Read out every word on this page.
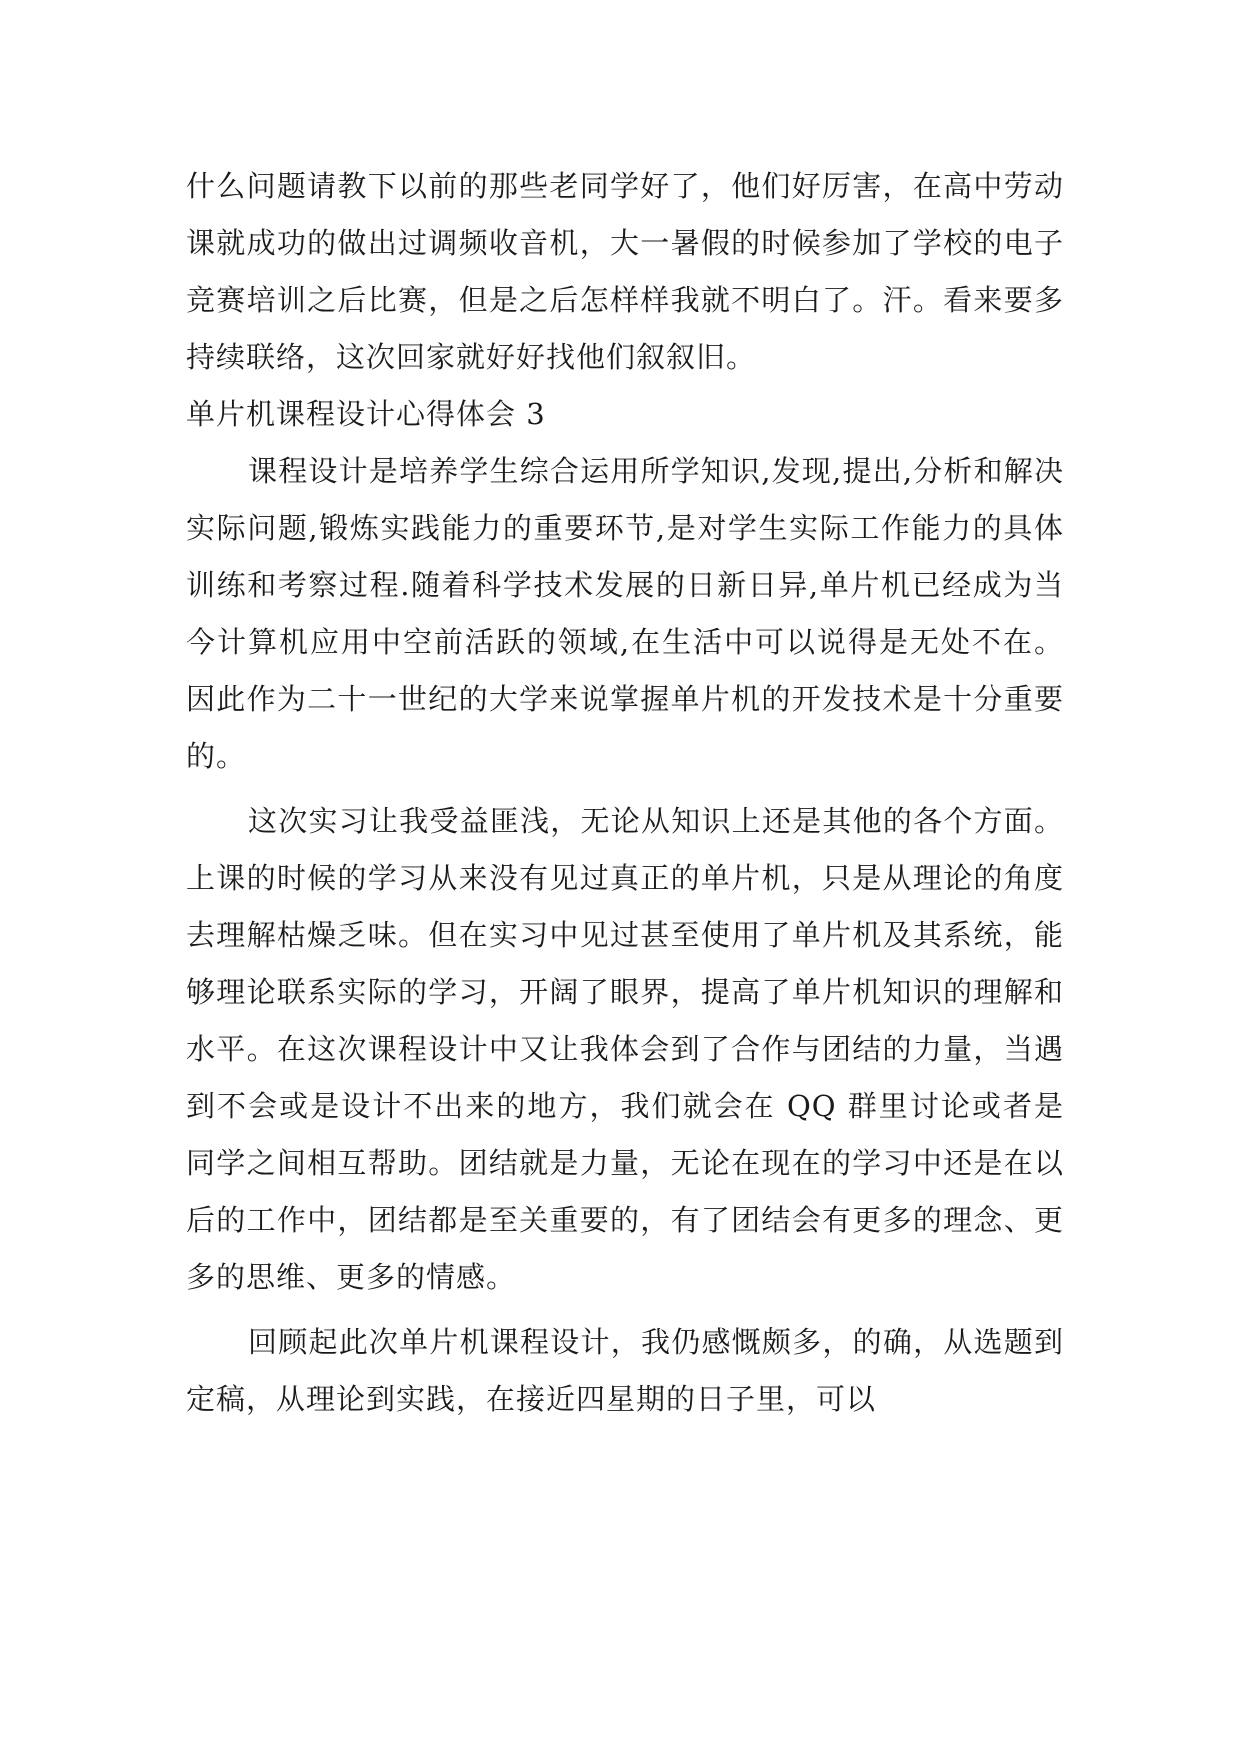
什么问题请教下以前的那些老同学好了，他们好厉害，在高中劳动课就成功的做出过调频收音机，大一暑假的时候参加了学校的电子竞赛培训之后比赛，但是之后怎样样我就不明白了。汗。看来要多持续联络，这次回家就好好找他们叙叙旧。

单片机课程设计心得体会 3

课程设计是培养学生综合运用所学知识,发现,提出,分析和解决实际问题,锻炼实践能力的重要环节,是对学生实际工作能力的具体训练和考察过程.随着科学技术发展的日新日异,单片机已经成为当今计算机应用中空前活跃的领域,在生活中可以说得是无处不在。因此作为二十一世纪的大学来说掌握单片机的开发技术是十分重要的。

这次实习让我受益匪浅，无论从知识上还是其他的各个方面。上课的时候的学习从来没有见过真正的单片机，只是从理论的角度去理解枯燥乏味。但在实习中见过甚至使用了单片机及其系统，能够理论联系实际的学习，开阔了眼界，提高了单片机知识的理解和水平。在这次课程设计中又让我体会到了合作与团结的力量，当遇到不会或是设计不出来的地方，我们就会在 QQ 群里讨论或者是同学之间相互帮助。团结就是力量，无论在现在的学习中还是在以后的工作中，团结都是至关重要的，有了团结会有更多的理念、更多的思维、更多的情感。

回顾起此次单片机课程设计，我仍感慨颇多，的确，从选题到定稿，从理论到实践，在接近四星期的日子里，可以
